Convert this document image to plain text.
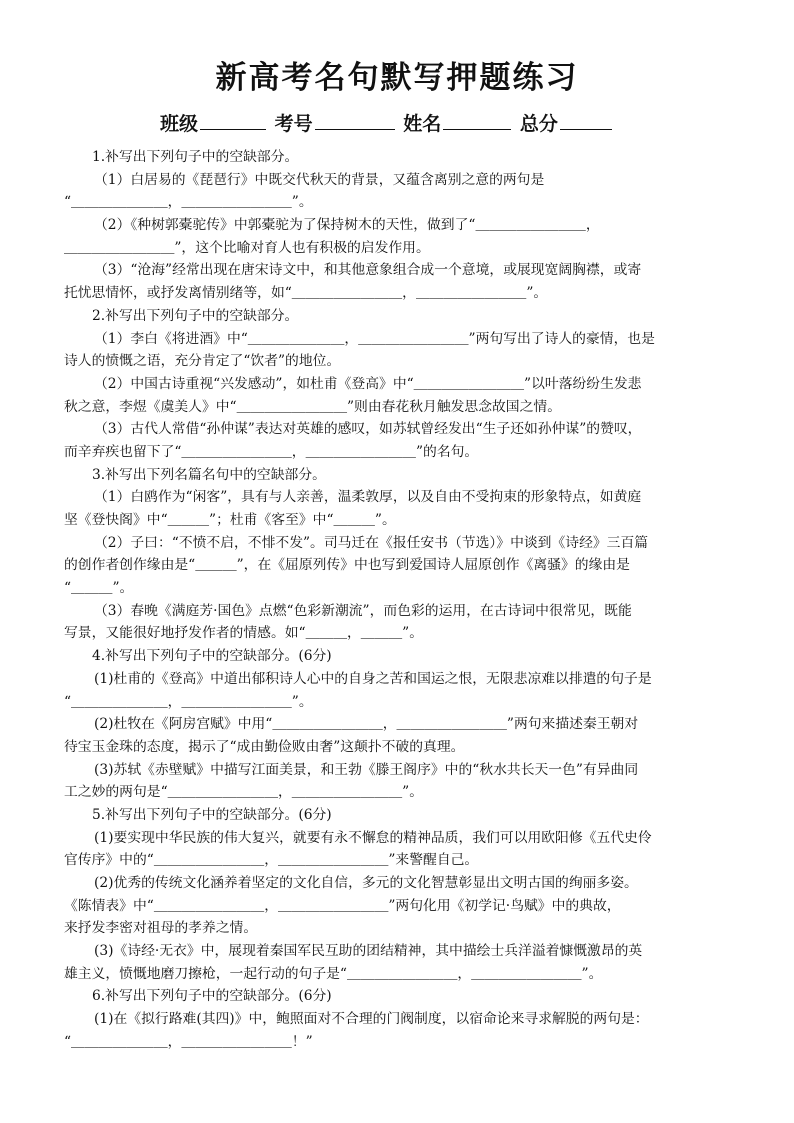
新高考名句默写押题练习
班级	考号	姓名	总分
1.补写出下列句子中的空缺部分。
（1）白居易的《琵琶行》中既交代秋天的背景，又蕴含离别之意的两句是
“＿＿＿＿＿＿＿，＿＿＿＿＿＿＿＿”。
（2）《种树郭橐驼传》中郭橐驼为了保持树木的天性，做到了“＿＿＿＿＿＿＿＿，
＿＿＿＿＿＿＿＿”，这个比喻对育人也有积极的启发作用。
（3）“沧海”经常出现在唐宋诗文中，和其他意象组合成一个意境，或展现宽阔胸襟，或寄
托忧思情怀，或抒发离情别绪等，如“＿＿＿＿＿＿＿＿，＿＿＿＿＿＿＿＿”。
2.补写出下列句子中的空缺部分。
（1）李白《将进酒》中“＿＿＿＿＿＿＿，＿＿＿＿＿＿＿＿”两句写出了诗人的豪情，也是
诗人的愤慨之语，充分肯定了“饮者”的地位。
（2）中国古诗重视“兴发感动”，如杜甫《登高》中“＿＿＿＿＿＿＿＿”以叶落纷纷生发悲
秋之意，李煜《虞美人》中“＿＿＿＿＿＿＿＿”则由春花秋月触发思念故国之情。
（3）古代人常借“孙仲谋”表达对英雄的感叹，如苏轼曾经发出“生子还如孙仲谋”的赞叹，
而辛弃疾也留下了“＿＿＿＿＿＿＿＿，＿＿＿＿＿＿＿＿”的名句。
3.补写出下列名篇名句中的空缺部分。
（1）白鸥作为“闲客”，具有与人亲善，温柔敦厚，以及自由不受拘束的形象特点，如黄庭
坚《登快阁》中“＿＿＿”；杜甫《客至》中“＿＿＿”。
（2）子曰：“不愤不启，不悱不发”。司马迁在《报任安书（节选）》中谈到《诗经》三百篇
的创作者创作缘由是“＿＿＿”，在《屈原列传》中也写到爱国诗人屈原创作《离骚》的缘由是
“＿＿＿”。
（3）春晚《满庭芳·国色》点燃“色彩新潮流”，而色彩的运用，在古诗词中很常见，既能
写景，又能很好地抒发作者的情感。如“＿＿＿，＿＿＿”。
4.补写出下列句子中的空缺部分。(6分)
(1)杜甫的《登高》中道出郁积诗人心中的自身之苦和国运之恨，无限悲凉难以排遣的句子是
“＿＿＿＿＿＿＿，＿＿＿＿＿＿＿＿”。
(2)杜牧在《阿房宫赋》中用“＿＿＿＿＿＿＿＿，＿＿＿＿＿＿＿＿”两句来描述秦王朝对
待宝玉金珠的态度，揭示了“成由勤俭败由奢”这颠扑不破的真理。
(3)苏轼《赤壁赋》中描写江面美景，和王勃《滕王阁序》中的“秋水共长天一色”有异曲同
工之妙的两句是“＿＿＿＿＿＿＿＿，＿＿＿＿＿＿＿＿”。
5.补写出下列句子中的空缺部分。(6分)
(1)要实现中华民族的伟大复兴，就要有永不懈怠的精神品质，我们可以用欧阳修《五代史伶
官传序》中的“＿＿＿＿＿＿＿＿，＿＿＿＿＿＿＿＿”来警醒自己。
(2)优秀的传统文化涵养着坚定的文化自信，多元的文化智慧彰显出文明古国的绚丽多姿。
《陈情表》中“＿＿＿＿＿＿＿＿，＿＿＿＿＿＿＿＿”两句化用《初学记·鸟赋》中的典故，
来抒发李密对祖母的孝养之情。
(3)《诗经·无衣》中，展现着秦国军民互助的团结精神，其中描绘士兵洋溢着慷慨激昂的英
雄主义，愤慨地磨刀擦枪，一起行动的句子是“＿＿＿＿＿＿＿＿，＿＿＿＿＿＿＿＿”。
6.补写出下列句子中的空缺部分。(6分)
(1)在《拟行路难(其四)》中，鲍照面对不合理的门阀制度，以宿命论来寻求解脱的两句是：
“＿＿＿＿＿＿＿，＿＿＿＿＿＿＿＿！”
